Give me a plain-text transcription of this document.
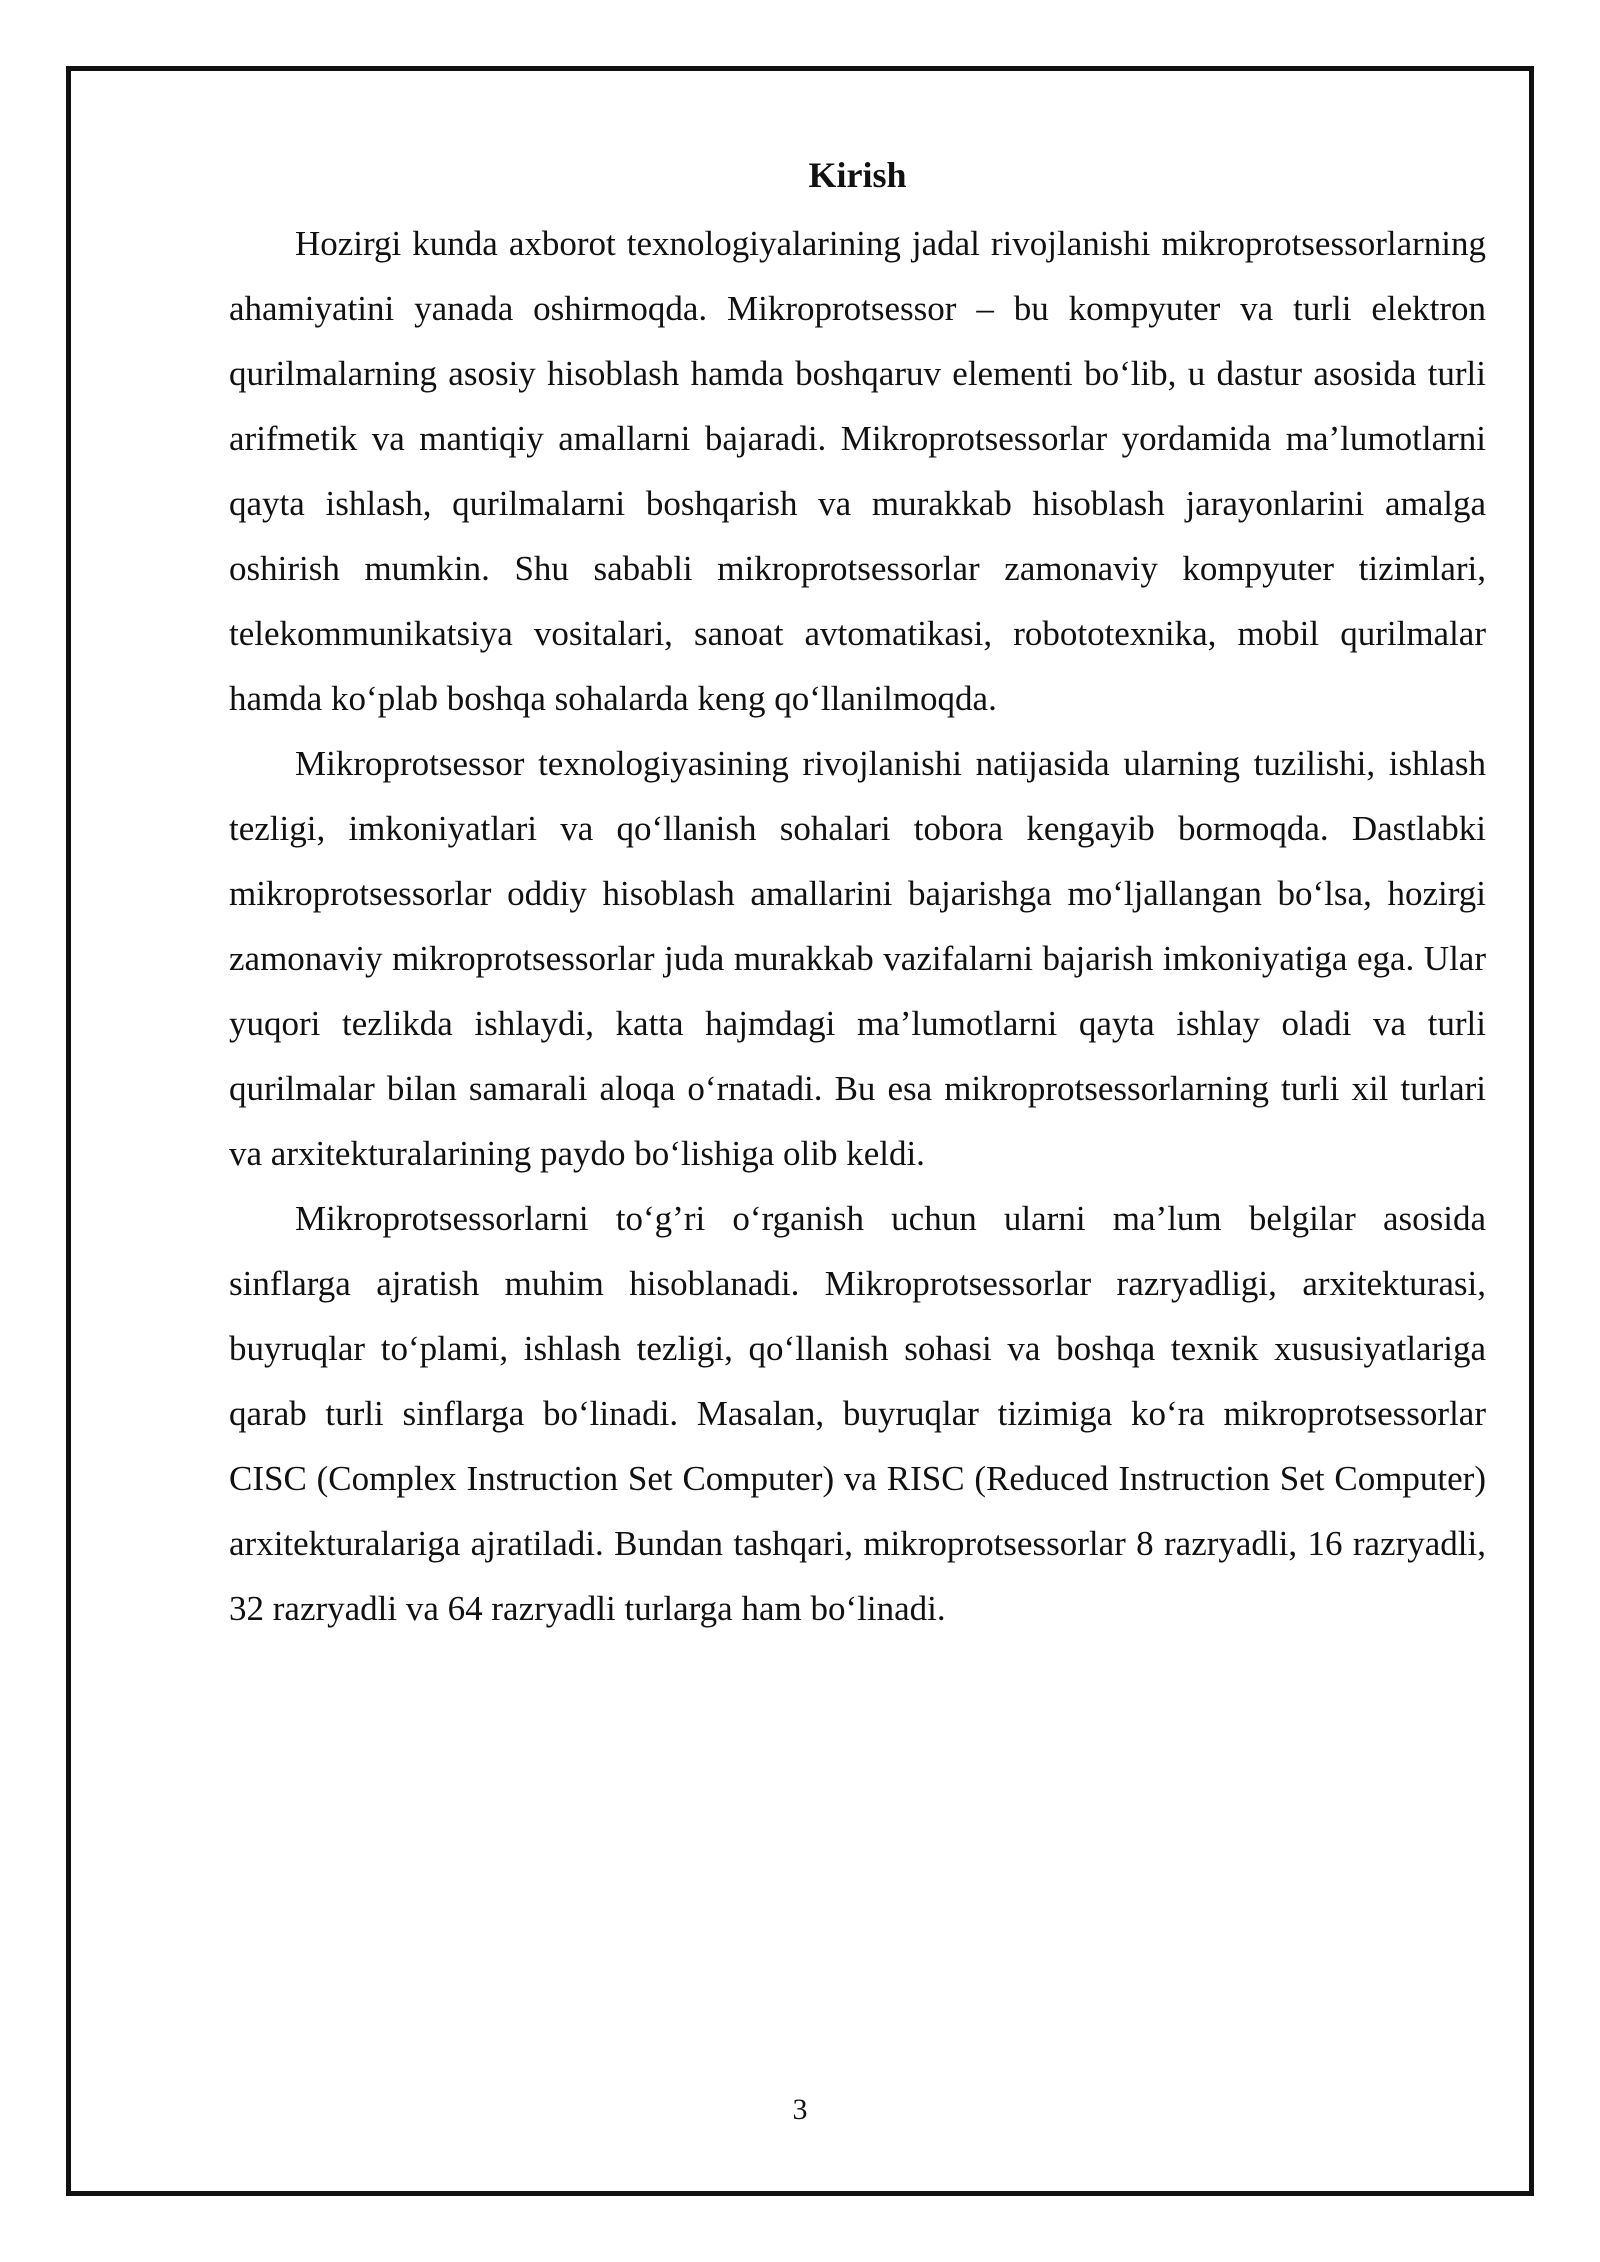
Kirish

Hozirgi kunda axborot texnologiyalarining jadal rivojlanishi mikroprotsessorlarning ahamiyatini yanada oshirmoqda. Mikroprotsessor – bu kompyuter va turli elektron qurilmalarning asosiy hisoblash hamda boshqaruv elementi bo‘lib, u dastur asosida turli arifmetik va mantiqiy amallarni bajaradi. Mikroprotsessorlar yordamida ma’lumotlarni qayta ishlash, qurilmalarni boshqarish va murakkab hisoblash jarayonlarini amalga oshirish mumkin. Shu sababli mikroprotsessorlar zamonaviy kompyuter tizimlari, telekommunikatsiya vositalari, sanoat avtomatikasi, robototexnika, mobil qurilmalar hamda ko‘plab boshqa sohalarda keng qo‘llanilmoqda.

Mikroprotsessor texnologiyasining rivojlanishi natijasida ularning tuzilishi, ishlash tezligi, imkoniyatlari va qo‘llanish sohalari tobora kengayib bormoqda. Dastlabki mikroprotsessorlar oddiy hisoblash amallarini bajarishga mo‘ljallangan bo‘lsa, hozirgi zamonaviy mikroprotsessorlar juda murakkab vazifalarni bajarish imkoniyatiga ega. Ular yuqori tezlikda ishlaydi, katta hajmdagi ma’lumotlarni qayta ishlay oladi va turli qurilmalar bilan samarali aloqa o‘rnatadi. Bu esa mikroprotsessorlarning turli xil turlari va arxitekturalarining paydo bo‘lishiga olib keldi.

Mikroprotsessorlarni to‘g’ri o‘rganish uchun ularni ma’lum belgilar asosida sinflarga ajratish muhim hisoblanadi. Mikroprotsessorlar razryadligi, arxitekturasi, buyruqlar to‘plami, ishlash tezligi, qo‘llanish sohasi va boshqa texnik xususiyatlariga qarab turli sinflarga bo‘linadi. Masalan, buyruqlar tizimiga ko‘ra mikroprotsessorlar CISC (Complex Instruction Set Computer) va RISC (Reduced Instruction Set Computer) arxitekturalariga ajratiladi. Bundan tashqari, mikroprotsessorlar 8 razryadli, 16 razryadli, 32 razryadli va 64 razryadli turlarga ham bo‘linadi.

3
